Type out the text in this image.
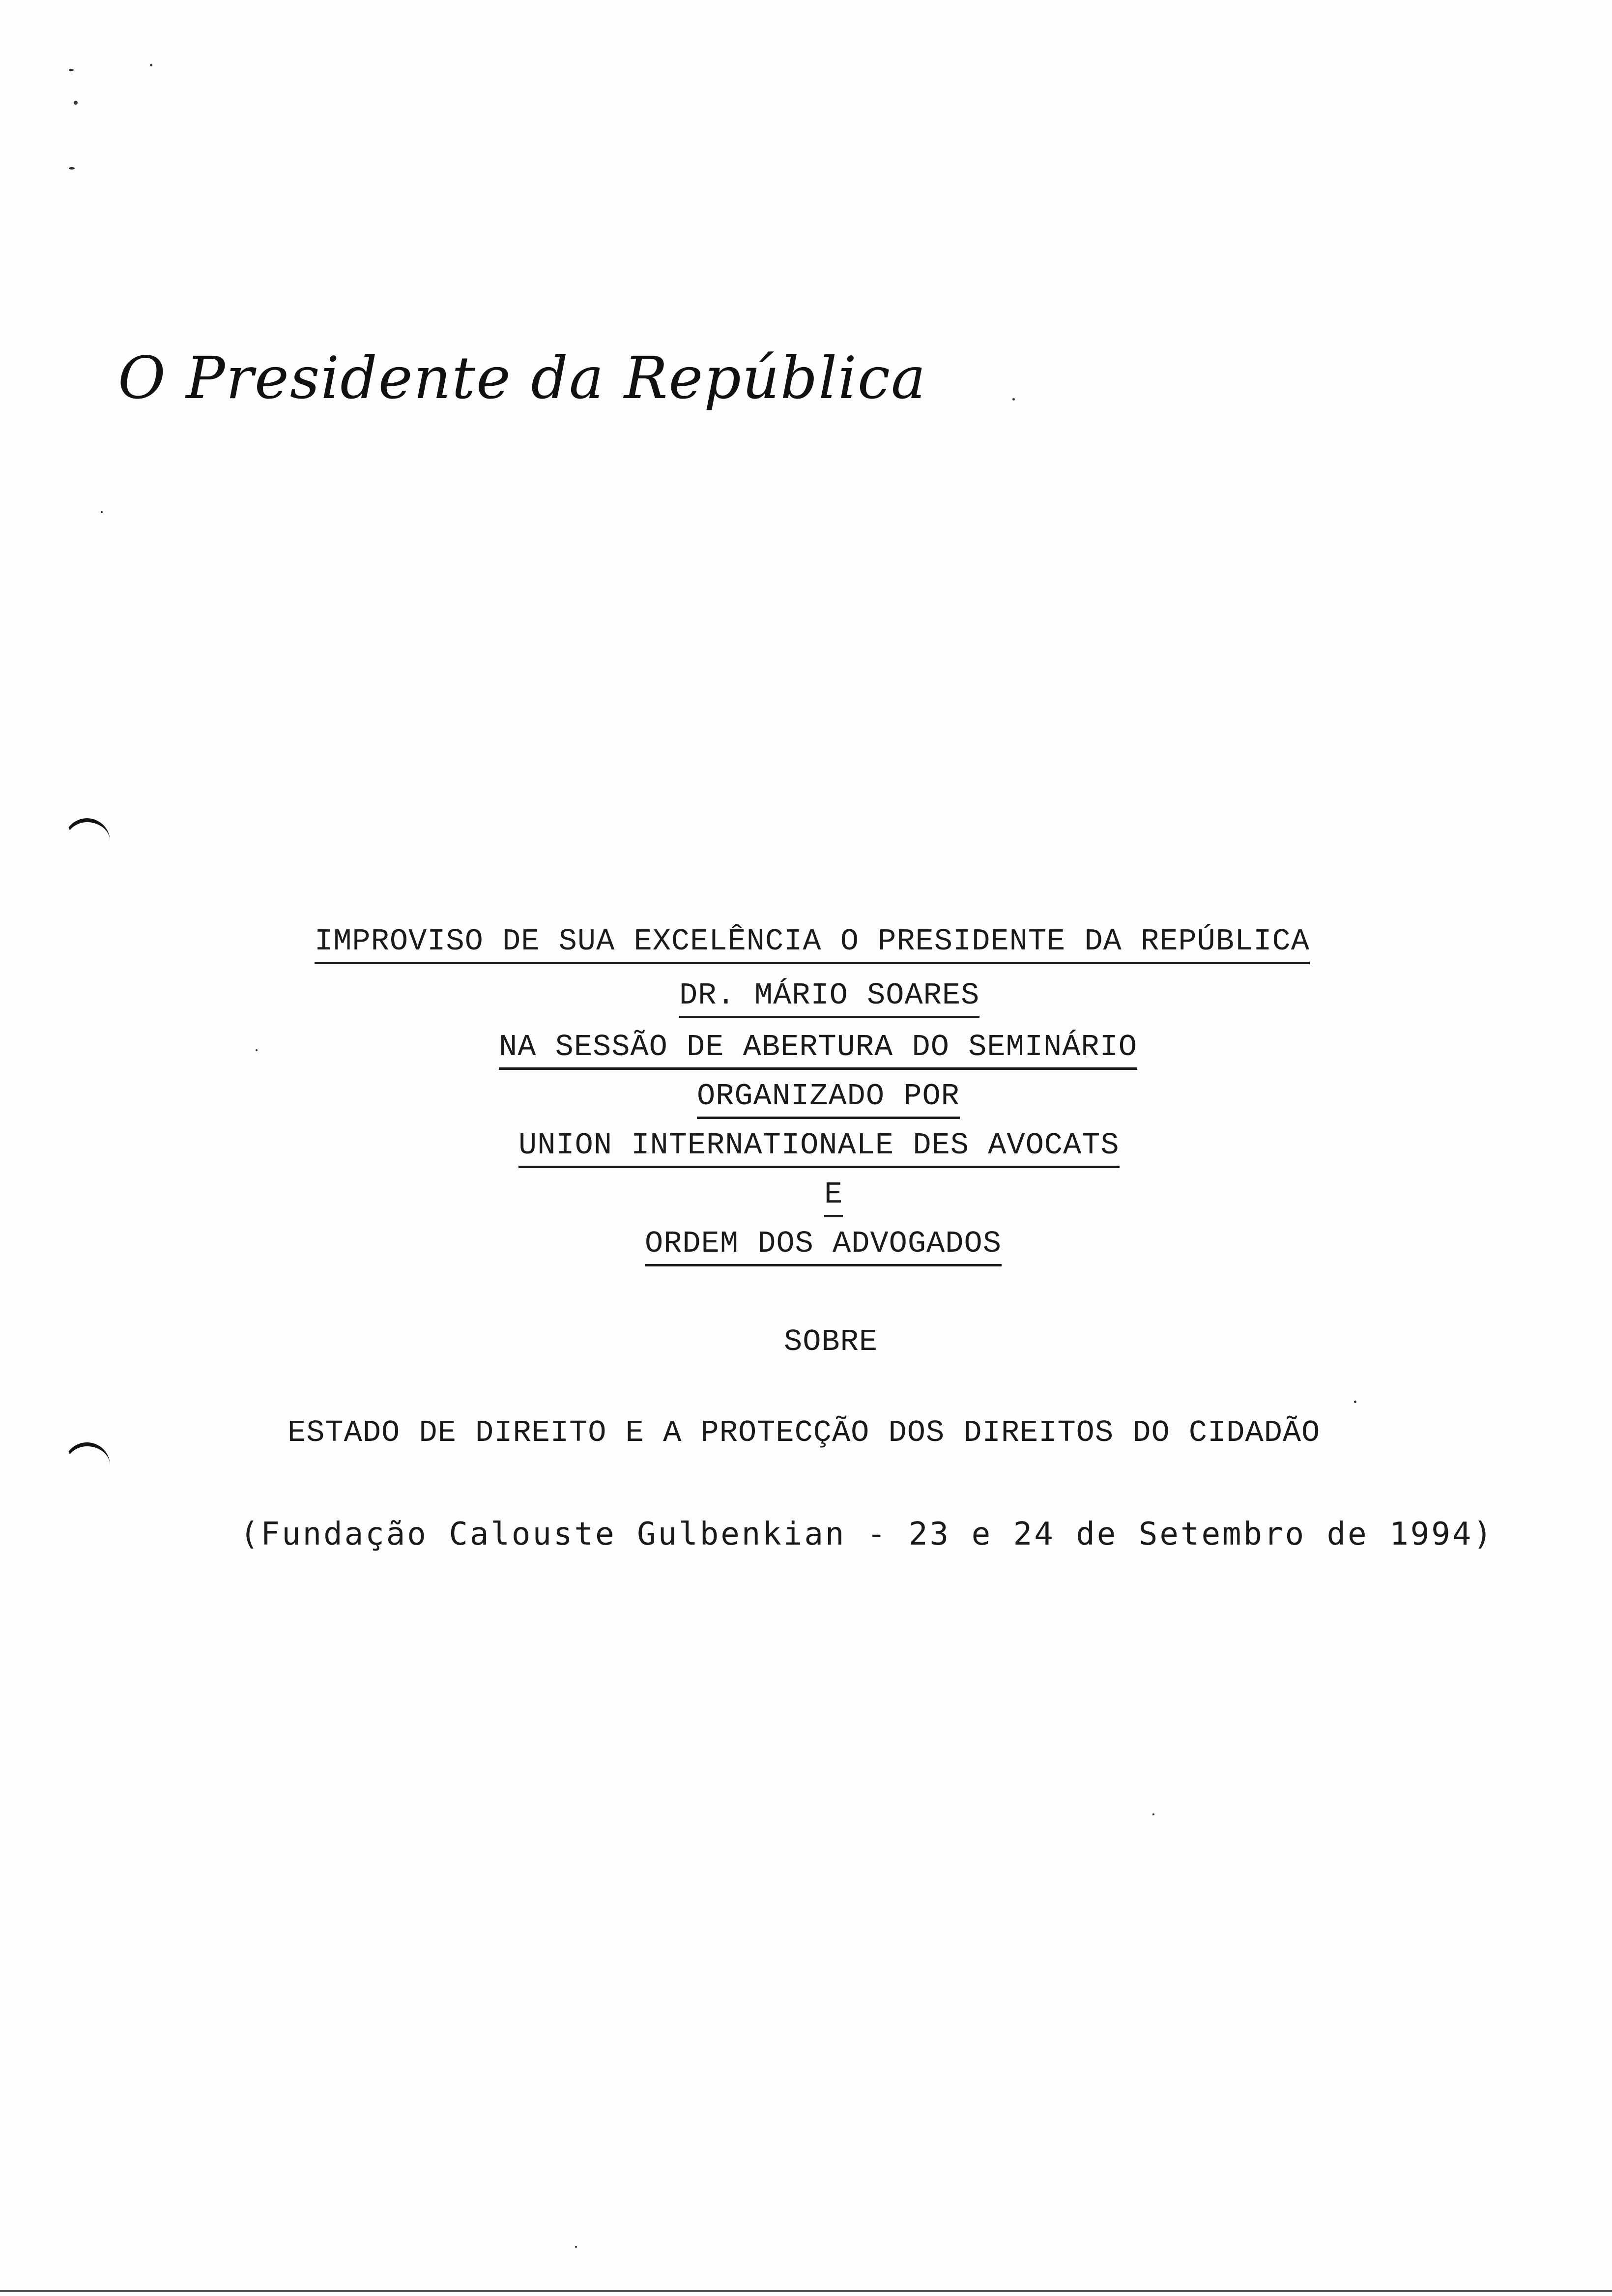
O Presidente da República
IMPROVISO DE SUA EXCELÊNCIA O PRESIDENTE DA REPÚBLICA
DR. MÁRIO SOARES
NA SESSÃO DE ABERTURA DO SEMINÁRIO
ORGANIZADO POR
UNION INTERNATIONALE DES AVOCATS
E
ORDEM DOS ADVOGADOS
SOBRE
ESTADO DE DIREITO E A PROTECÇÃO DOS DIREITOS DO CIDADÃO
(Fundação Calouste Gulbenkian - 23 e 24 de Setembro de 1994)
